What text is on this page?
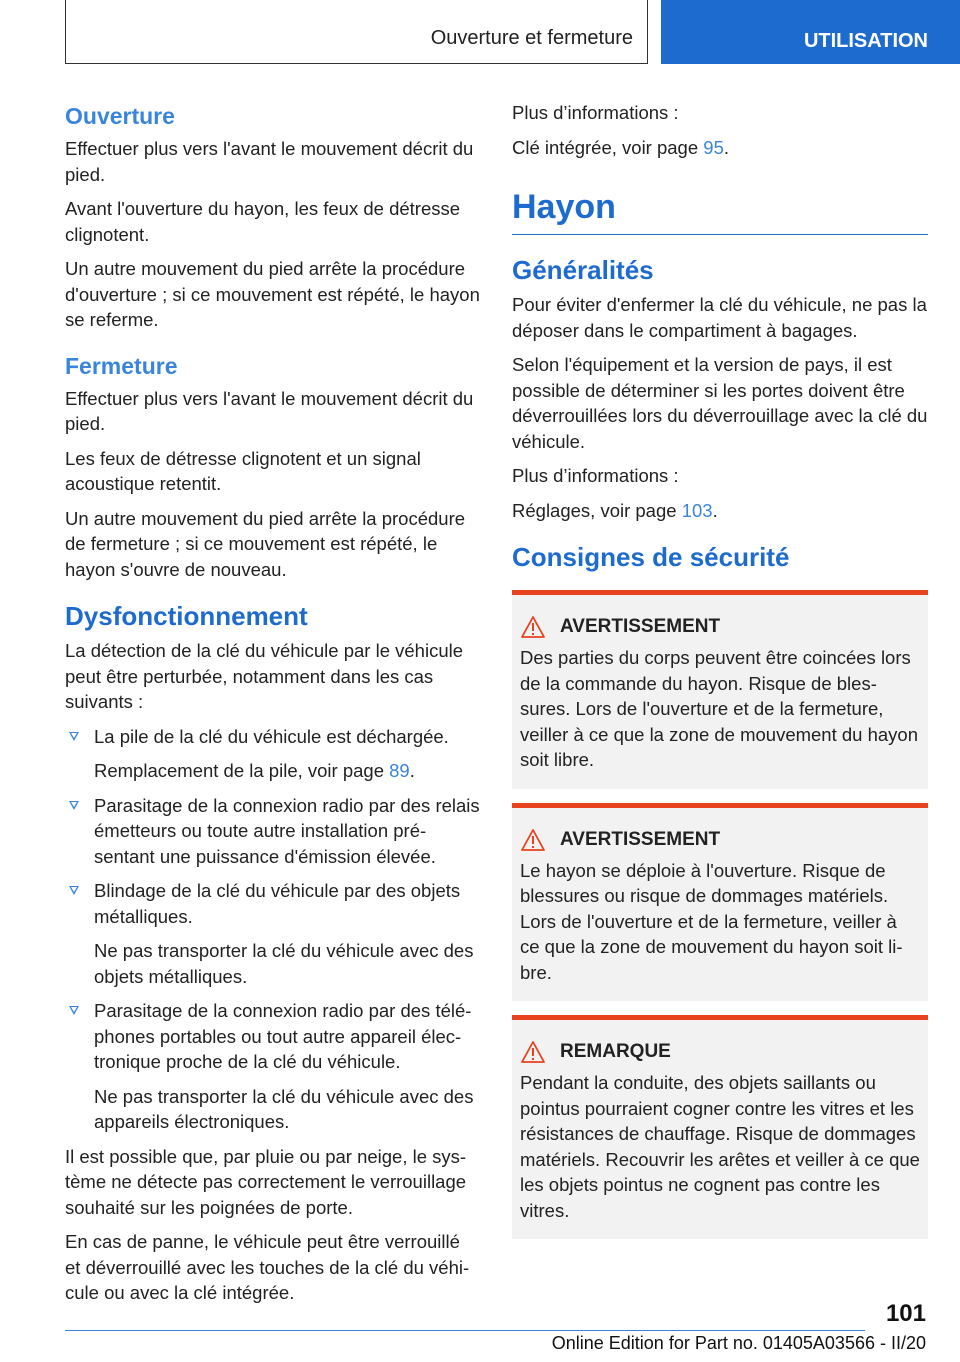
Ouverture et fermeture	UTILISATION
Ouverture

Effectuer plus vers l'avant le mouvement décrit du pied.

Avant l'ouverture du hayon, les feux de détresse clignotent.

Un autre mouvement du pied arrête la procédure d'ouverture ; si ce mouvement est répété, le hayon se referme.

Fermeture

Effectuer plus vers l'avant le mouvement décrit du pied.

Les feux de détresse clignotent et un signal acoustique retentit.

Un autre mouvement du pied arrête la procédure de fermeture ; si ce mouvement est répété, le hayon s'ouvre de nouveau.

Dysfonctionnement

La détection de la clé du véhicule par le véhicule peut être perturbée, notamment dans les cas suivants :

La pile de la clé du véhicule est déchargée.

Remplacement de la pile, voir page 89.

Parasitage de la connexion radio par des relais émetteurs ou toute autre installation présentant une puissance d'émission élevée.

Blindage de la clé du véhicule par des objets métalliques.

Ne pas transporter la clé du véhicule avec des objets métalliques.

Parasitage de la connexion radio par des téléphones portables ou tout autre appareil électronique proche de la clé du véhicule.

Ne pas transporter la clé du véhicule avec des appareils électroniques.

Il est possible que, par pluie ou par neige, le système ne détecte pas correctement le verrouillage souhaité sur les poignées de porte.

En cas de panne, le véhicule peut être verrouillé et déverrouillé avec les touches de la clé du véhicule ou avec la clé intégrée.

Plus d’informations :

Clé intégrée, voir page 95.

Hayon
Généralités

Pour éviter d'enfermer la clé du véhicule, ne pas la déposer dans le compartiment à bagages.

Selon l'équipement et la version de pays, il est possible de déterminer si les portes doivent être déverrouillées lors du déverrouillage avec la clé du véhicule.

Plus d’informations :

Réglages, voir page 103.

Consignes de sécurité
AVERTISSEMENT

Des parties du corps peuvent être coincées lors de la commande du hayon. Risque de blessures. Lors de l'ouverture et de la fermeture, veiller à ce que la zone de mouvement du hayon soit libre.

AVERTISSEMENT

Le hayon se déploie à l'ouverture. Risque de blessures ou risque de dommages matériels. Lors de l'ouverture et de la fermeture, veiller à ce que la zone de mouvement du hayon soit libre.

REMARQUE

Pendant la conduite, des objets saillants ou pointus pourraient cogner contre les vitres et les résistances de chauffage. Risque de dommages matériels. Recouvrir les arêtes et veiller à ce que les objets pointus ne cognent pas contre les vitres.

101
Online Edition for Part no. 01405A03566 - II/20
